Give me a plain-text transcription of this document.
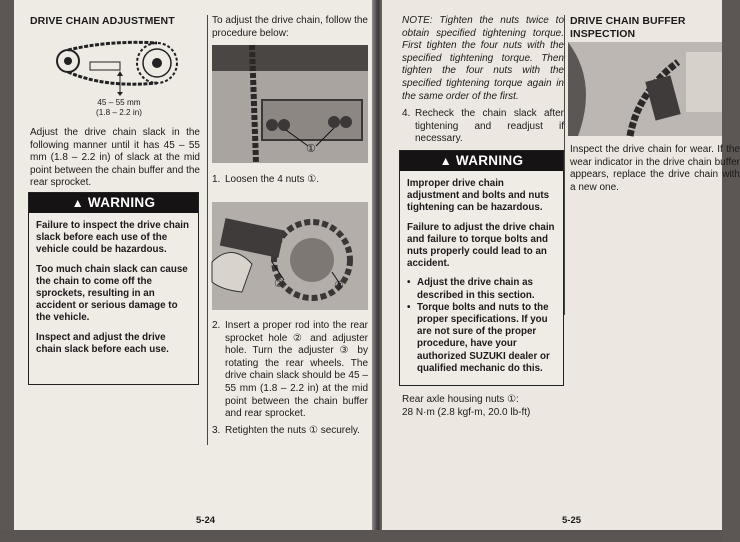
DRIVE CHAIN ADJUSTMENT
45 – 55 mm
(1.8 – 2.2 in)
Adjust the drive chain slack in the following manner until it has 45 – 55 mm (1.8 – 2.2 in) of slack at the mid point between the chain buffer and the rear sprocket.
▲ WARNING
Failure to inspect the drive chain slack before each use of the vehicle could be hazardous.
Too much chain slack can cause the chain to come off the sprockets, resulting in an accident or serious damage to the vehicle.
Inspect and adjust the drive chain slack before each use.
To adjust the drive chain, follow the procedure below:
①
1. Loosen the 4 nuts ①.
②	③
2. Insert a proper rod into the rear sprocket hole ② and adjuster hole. Turn the adjuster ③ by rotating the rear wheels. The drive chain slack should be 45 – 55 mm (1.8 – 2.2 in) at the mid point between the chain buffer and rear sprocket.
3. Retighten the nuts ① securely.
5-24
NOTE: Tighten the nuts twice to obtain specified tightening torque. First tighten the four nuts with the specified tightening torque. Then tighten the four nuts with the specified tightening torque again in the same order of the first.
4. Recheck the chain slack after tightening and readjust if necessary.
▲ WARNING
Improper drive chain adjustment and bolts and nuts tightening can be hazardous.
Failure to adjust the drive chain and failure to torque bolts and nuts properly could lead to an accident.
• Adjust the drive chain as described in this section.
• Torque bolts and nuts to the proper specifications. If you are not sure of the proper procedure, have your authorized SUZUKI dealer or qualified mechanic do this.
Rear axle housing nuts ①:
28 N·m (2.8 kgf-m, 20.0 lb-ft)
DRIVE CHAIN BUFFER INSPECTION
Inspect the drive chain for wear. If the wear indicator in the drive chain buffer appears, replace the drive chain with a new one.
5-25
